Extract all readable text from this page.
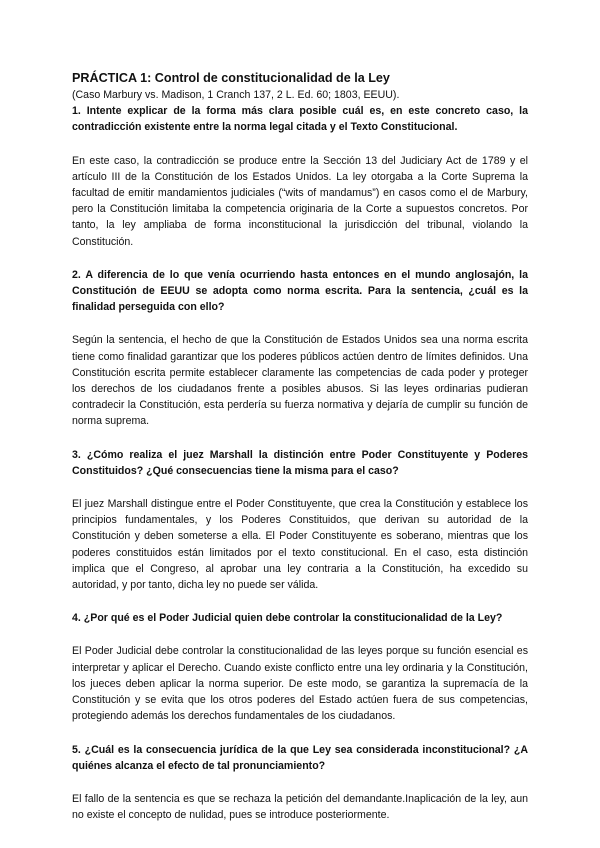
PRÁCTICA 1: Control de constitucionalidad de la Ley

(Caso Marbury vs. Madison, 1 Cranch 137, 2 L. Ed. 60; 1803, EEUU).

1. Intente explicar de la forma más clara posible cuál es, en este concreto caso, la contradicción existente entre la norma legal citada y el Texto Constitucional.

En este caso, la contradicción se produce entre la Sección 13 del Judiciary Act de 1789 y el artículo III de la Constitución de los Estados Unidos. La ley otorgaba a la Corte Suprema la facultad de emitir mandamientos judiciales (“wits of mandamus”) en casos como el de Marbury, pero la Constitución limitaba la competencia originaria de la Corte a supuestos concretos. Por tanto, la ley ampliaba de forma inconstitucional la jurisdicción del tribunal, violando la Constitución.

2. A diferencia de lo que venía ocurriendo hasta entonces en el mundo anglosajón, la Constitución de EEUU se adopta como norma escrita. Para la sentencia, ¿cuál es la finalidad perseguida con ello?

Según la sentencia, el hecho de que la Constitución de Estados Unidos sea una norma escrita tiene como finalidad garantizar que los poderes públicos actúen dentro de límites definidos. Una Constitución escrita permite establecer claramente las competencias de cada poder y proteger los derechos de los ciudadanos frente a posibles abusos. Si las leyes ordinarias pudieran contradecir la Constitución, esta perdería su fuerza normativa y dejaría de cumplir su función de norma suprema.

3. ¿Cómo realiza el juez Marshall la distinción entre Poder Constituyente y Poderes Constituidos? ¿Qué consecuencias tiene la misma para el caso?

El juez Marshall distingue entre el Poder Constituyente, que crea la Constitución y establece los principios fundamentales, y los Poderes Constituidos, que derivan su autoridad de la Constitución y deben someterse a ella. El Poder Constituyente es soberano, mientras que los poderes constituidos están limitados por el texto constitucional. En el caso, esta distinción implica que el Congreso, al aprobar una ley contraria a la Constitución, ha excedido su autoridad, y por tanto, dicha ley no puede ser válida.

4. ¿Por qué es el Poder Judicial quien debe controlar la constitucionalidad de la Ley?

El Poder Judicial debe controlar la constitucionalidad de las leyes porque su función esencial es interpretar y aplicar el Derecho. Cuando existe conflicto entre una ley ordinaria y la Constitución, los jueces deben aplicar la norma superior. De este modo, se garantiza la supremacía de la Constitución y se evita que los otros poderes del Estado actúen fuera de sus competencias, protegiendo además los derechos fundamentales de los ciudadanos.

5. ¿Cuál es la consecuencia jurídica de la que Ley sea considerada inconstitucional? ¿A quiénes alcanza el efecto de tal pronunciamiento?

El fallo de la sentencia es que se rechaza la petición del demandante.Inaplicación de la ley, aun no existe el concepto de nulidad, pues se introduce posteriormente.
